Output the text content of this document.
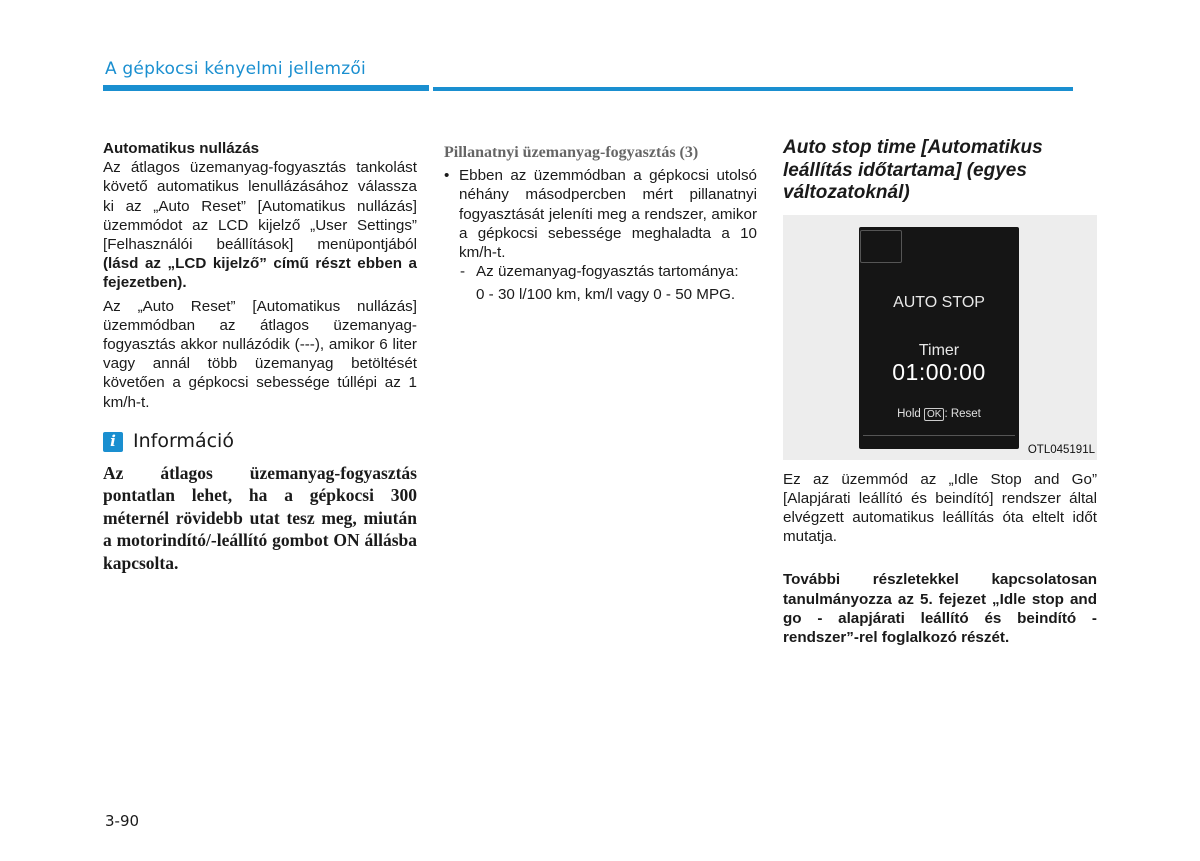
A gépkocsi kényelmi jellemzői

Automatikus nullázás

Az átlagos üzemanyag-fogyasztás tankolást követő automatikus lenullázásához válassza ki az „Auto Reset” [Automatikus nullázás] üzemmódot az LCD kijelző „User Settings” [Felhasználói beállítások] menüpontjából (lásd az „LCD kijelző” című részt ebben a fejezetben).

Az „Auto Reset” [Automatikus nullázás] üzemmódban az átlagos üzemanyag-fogyasztás akkor nullázódik (---), amikor 6 liter vagy annál több üzemanyag betöltését követően a gépkocsi sebessége túllépi az 1 km/h-t.

i Információ
Az átlagos üzemanyag-fogyasztás pontatlan lehet, ha a gépkocsi 300 méternél rövidebb utat tesz meg, miután a motorindító/-leállító gombot ON állásba kapcsolta.

Pillanatnyi üzemanyag-fogyasztás (3)

• Ebben az üzemmódban a gépkocsi utolsó néhány másodpercben mért pillanatnyi fogyasztását jeleníti meg a rendszer, amikor a gépkocsi sebessége meghaladta a 10 km/h-t.
- Az üzemanyag-fogyasztás tartománya:
0 - 30 l/100 km, km/l vagy 0 - 50 MPG.

Auto stop time [Automatikus leállítás időtartama] (egyes változatoknál)

AUTO STOP
Timer
01:00:00
Hold OK : Reset
OTL045191L

Ez az üzemmód az „Idle Stop and Go” [Alapjárati leállító és beindító] rendszer által elvégzett automatikus leállítás óta eltelt időt mutatja.

További részletekkel kapcsolatosan tanulmányozza az 5. fejezet „Idle stop and go - alapjárati leállító és beindító - rendszer”-rel foglalkozó részét.

3-90
